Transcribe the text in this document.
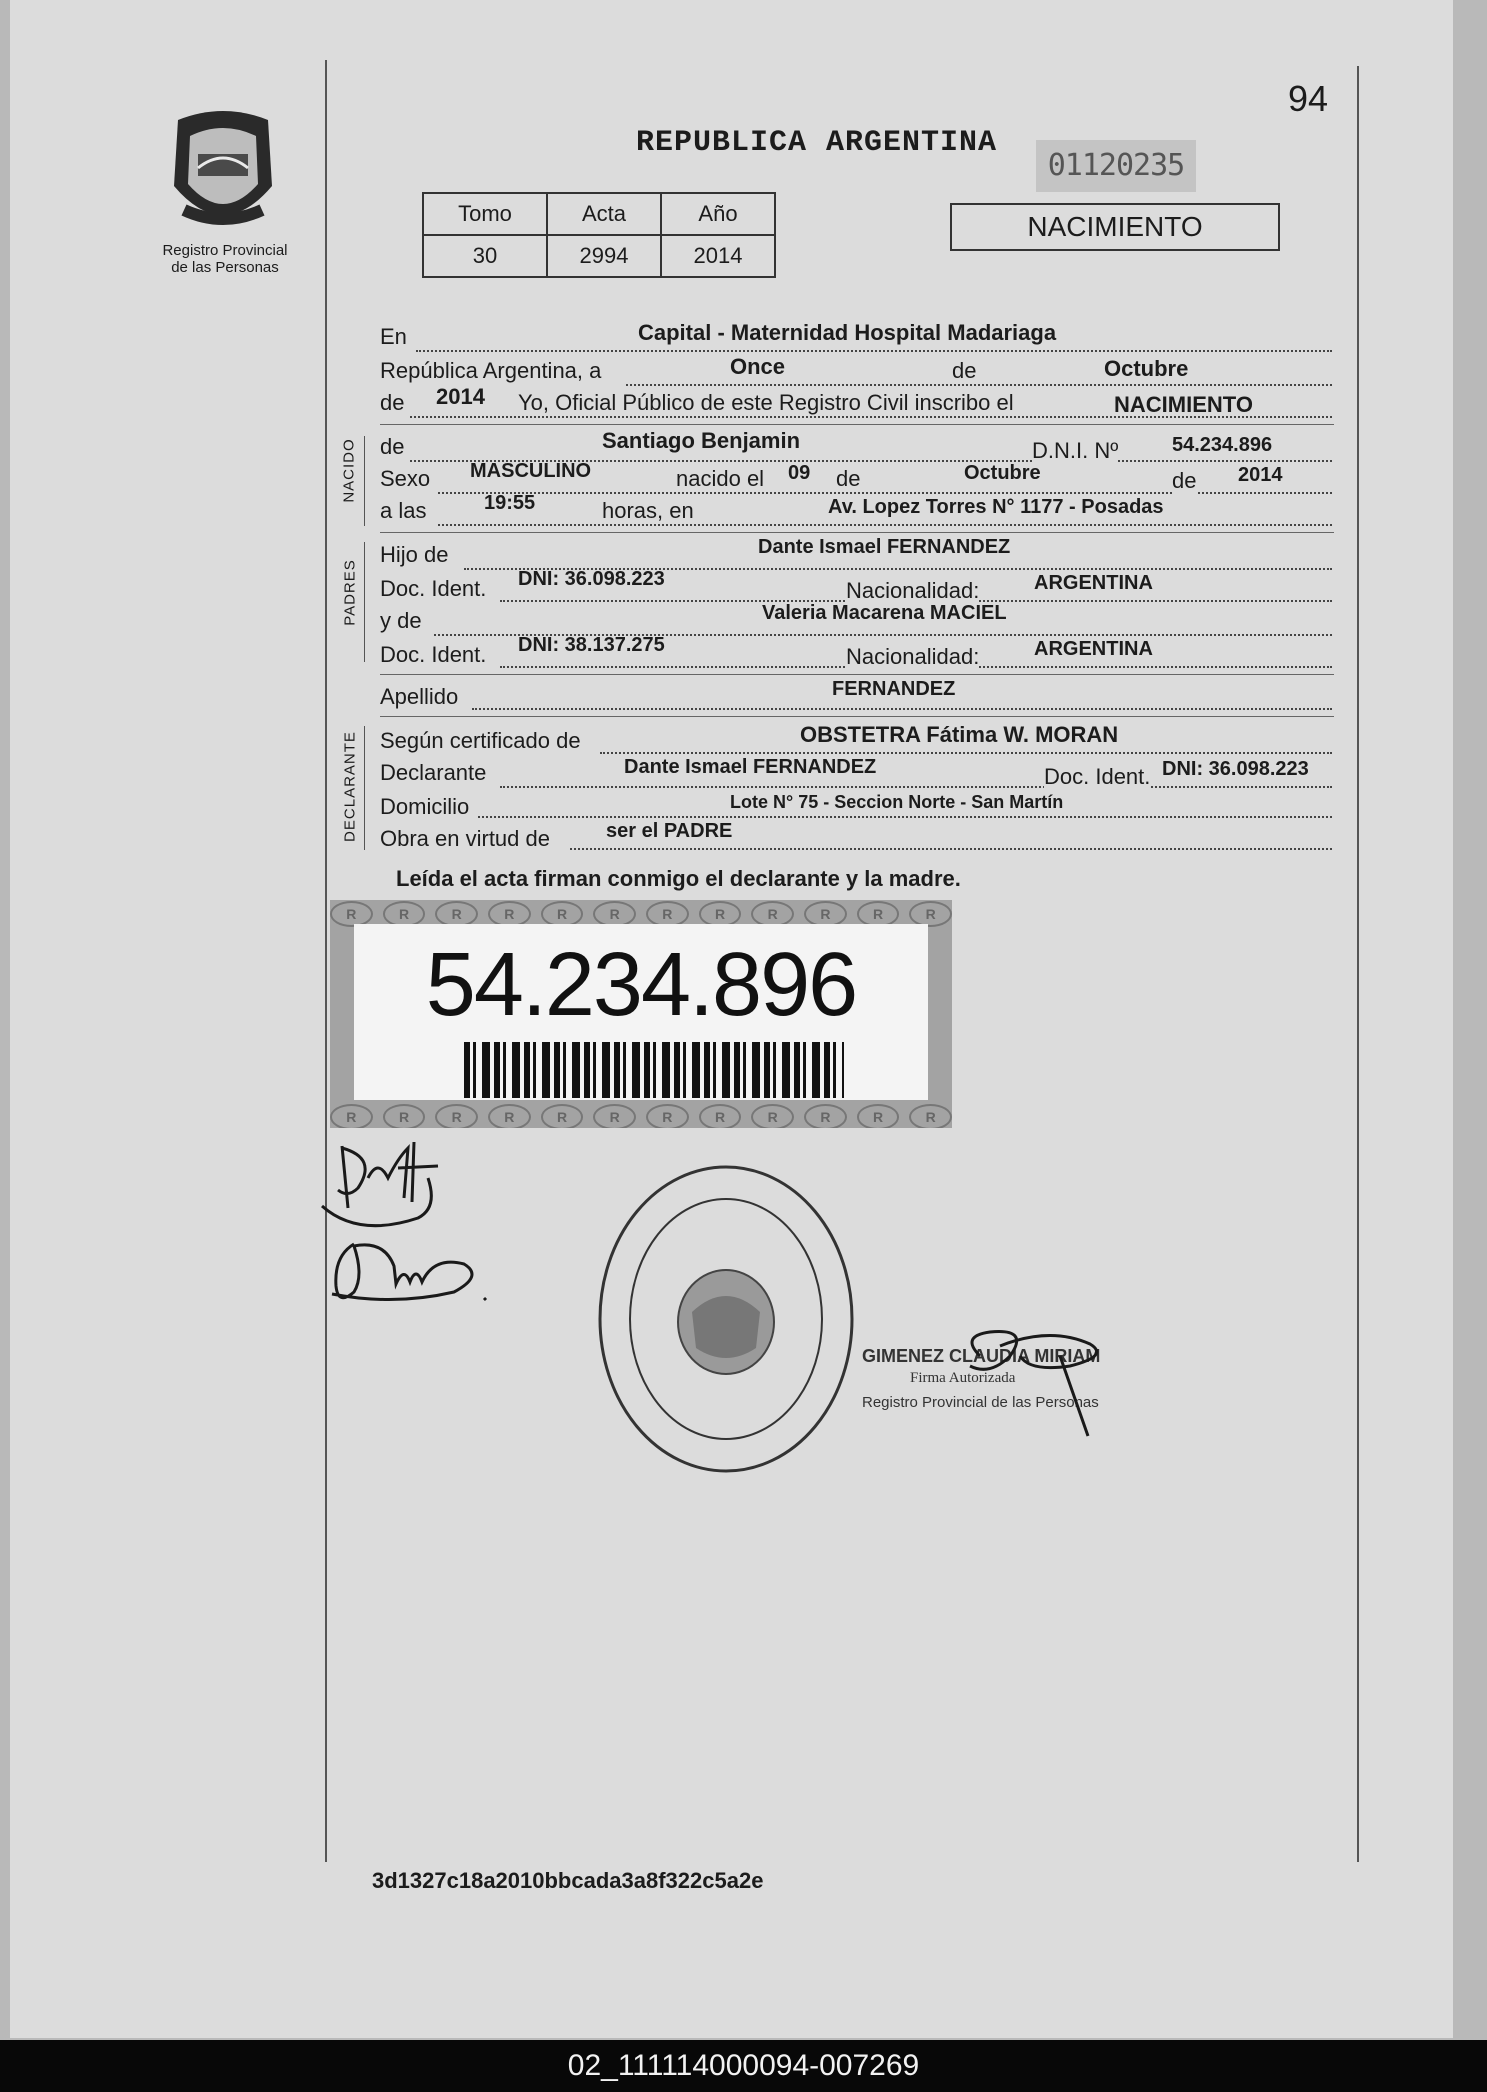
Registro Provincial
de las Personas
94
REPUBLICA ARGENTINA
01120235
Tomo	Acta	Año
30	2994	2014
NACIMIENTO
En	Capital - Maternidad Hospital Madariaga
República Argentina, a	Once	de	Octubre
de 2014 Yo, Oficial Público de este Registro Civil inscribo el	NACIMIENTO
NACIDO de	Santiago Benjamin	D.N.I. Nº	54.234.896
Sexo MASCULINO	nacido el 09 de	Octubre	de 2014
a las	19:55	horas, en	Av. Lopez Torres N° 1177 - Posadas
PADRES
Hijo de	Dante Ismael FERNANDEZ
Doc. Ident. DNI: 36.098.223	Nacionalidad:	ARGENTINA
y de	Valeria Macarena MACIEL
Doc. Ident. DNI: 38.137.275	Nacionalidad:	ARGENTINA
Apellido	FERNANDEZ
DECLARANTE Según certificado de	OBSTETRA Fátima W. MORAN
Declarante	Dante Ismael FERNANDEZ	Doc. Ident. DNI: 36.098.223
Domicilio	Lote N° 75 - Seccion Norte - San Martín
Obra en virtud de	ser el PADRE
Leída el acta firman conmigo el declarante y la madre.
R	R	R	R	R	R	R	R	R	R	R	R
54.234.896
R	R	R	R	R	R	R	R	R	R	R	R
GIMENEZ CLAUDIA MIRIAM
Firma Autorizada
Registro Provincial de las Personas
3d1327c18a2010bbcada3a8f322c5a2e
02_111114000094-007269
